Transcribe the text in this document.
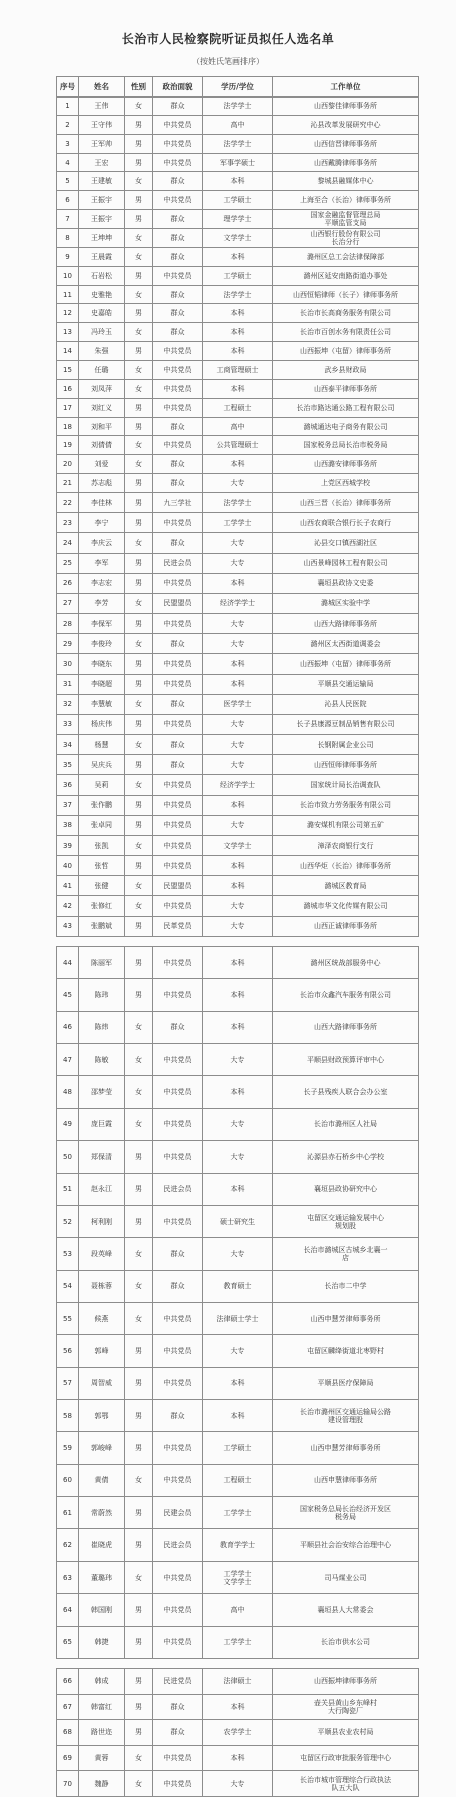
长治市人民检察院听证员拟任人选名单
（按姓氏笔画排序）
序号	姓名	性别	政治面貌	学历/学位	工作单位
1	王伟	女	群众	法学学士	山西黎佳律师事务所
2	王守伟	男	中共党员	高中	沁县改革发展研究中心
3	王军帅	男	中共党员	法学学士	山西信晋律师事务所
4	王宏	男	中共党员	军事学硕士	山西戴腾律师事务所
5	王建敏	女	群众	本科	黎城县融媒体中心
6	王振宇	男	中共党员	工学硕士	上海至合（长治）律师事务所
7	王振宇	男	群众	理学学士	国家金融监督管理总局
平顺监管支局
8	王坤坤	女	群众	文学学士	山西银行股份有限公司
长治分行
9	王晨霞	女	群众	本科	潞州区总工会法律保障部
10	石岩松	男	中共党员	工学硕士	潞州区延安南路街道办事处
11	史雅艳	女	群众	法学学士	山西恒韬律师（长子）律师事务所
12	史嘉皓	男	群众	本科	长治市长高商务服务有限公司
13	冯玲玉	女	群众	本科	长治市百创水务有限责任公司
14	朱强	男	中共党员	本科	山西振坤（屯留）律师事务所
15	任璐	女	中共党员	工商管理硕士	武乡县财政局
16	刘凤萍	女	中共党员	本科	山西泰平律师事务所
17	刘红义	男	中共党员	工程硕士	长治市路达通公路工程有限公司
18	刘和平	男	群众	高中	潞城通达电子商务有限公司
19	刘倩倩	女	中共党员	公共管理硕士	国家税务总局长治市税务局
20	刘爱	女	群众	本科	山西潞安律师事务所
21	苏志彪	男	群众	大专	上党区西城学校
22	李佳林	男	九三学社	法学学士	山西三晋（长治）律师事务所
23	李宁	男	中共党员	工学学士	山西农商联合银行长子农商行
24	李庆云	女	群众	大专	沁县交口镇西湖社区
25	李军	男	民进会员	大专	山西景峰园林工程有限公司
26	李志宏	男	中共党员	本科	襄垣县政协文史委
27	李芳	女	民盟盟员	经济学学士	潞城区实验中学
28	李保军	男	中共党员	大专	山西大路律师事务所
29	李俊玲	女	群众	大专	潞州区太西街道调委会
30	李晓东	男	中共党员	本科	山西振坤（屯留）律师事务所
31	李晓超	男	中共党员	本科	平顺县交通运输局
32	李慧敏	女	群众	医学学士	沁县人民医院
33	杨庆伟	男	中共党员	大专	长子县康源豆制品销售有限公司
34	杨慧	女	群众	大专	长钢附属企业公司
35	吴庆兵	男	群众	大专	山西恒师律师事务所
36	吴莉	女	中共党员	经济学学士	国家统计局长治调查队
37	张作鹏	男	中共党员	本科	长治市致力劳务服务有限公司
38	张卓同	男	中共党员	大专	潞安煤机有限公司第五矿
39	张凯	女	中共党员	文学学士	漳泽农商银行支行
40	张哲	男	中共党员	本科	山西华炬（长治）律师事务所
41	张健	女	民盟盟员	本科	潞城区教育局
42	张修红	女	中共党员	大专	潞城市华文化传媒有限公司
43	张鹏斌	男	民革党员	大专	山西正诚律师事务所
44	陈丽军	男	中共党员	本科	潞州区统战部服务中心
45	陈玮	男	中共党员	本科	长治市众鑫汽车服务有限公司
46	陈炜	女	群众	本科	山西大路律师事务所
47	陈敏	女	中共党员	大专	平顺县财政预算评审中心
48	邵梦莹	女	中共党员	本科	长子县残疾人联合会办公室
49	庞巨霞	女	中共党员	大专	长治市潞州区人社局
50	郑保清	男	中共党员	大专	沁源县赤石桥乡中心学校
51	赵永江	男	民进会员	本科	襄垣县政协研究中心
52	柯利刚	男	中共党员	硕士研究生	屯留区交通运输发展中心
规划股
53	段英峰	女	群众	大专	长治市潞城区古城乡北襄一
店
54	聂栋蓉	女	群众	教育硕士	长治市二中学
55	候燕	女	中共党员	法律硕士学士	山西申慧芳律师事务所
56	郭峰	男	中共党员	大专	屯留区麟绛街道北枣野村
57	周智威	男	中共党员	本科	平顺县医疗保障局
58	郭鄂	男	群众	本科	长治市潞州区交通运输局公路
建设管理股
59	郭峻峰	男	中共党员	工学硕士	山西申慧芳律师事务所
60	黄倩	女	中共党员	工程硕士	山西申慧律师事务所
61	常蔚然	男	民建会员	工学学士	国家税务总局长治经济开发区
税务局
62	崔晓虎	男	民进会员	教育学学士	平顺县社会治安综合治理中心
63	董璐玮	女	中共党员	工学学士
文学学士	司马煤业公司
64	韩国刚	男	中共党员	高中	襄垣县人大常委会
65	韩捷	男	中共党员	工学学士	长治市供水公司
66	韩成	男	民进党员	法律硕士	山西振坤律师事务所
67	韩富红	男	群众	本科	壶关县黄山乡东峰村
大行陶瓷厂
68	路世迩	男	群众	农学学士	平顺县农业农村局
69	黄蓉	女	中共党员	本科	屯留区行政审批服务管理中心
70	魏静	女	中共党员	大专	长治市城市管理综合行政执法
队五大队
